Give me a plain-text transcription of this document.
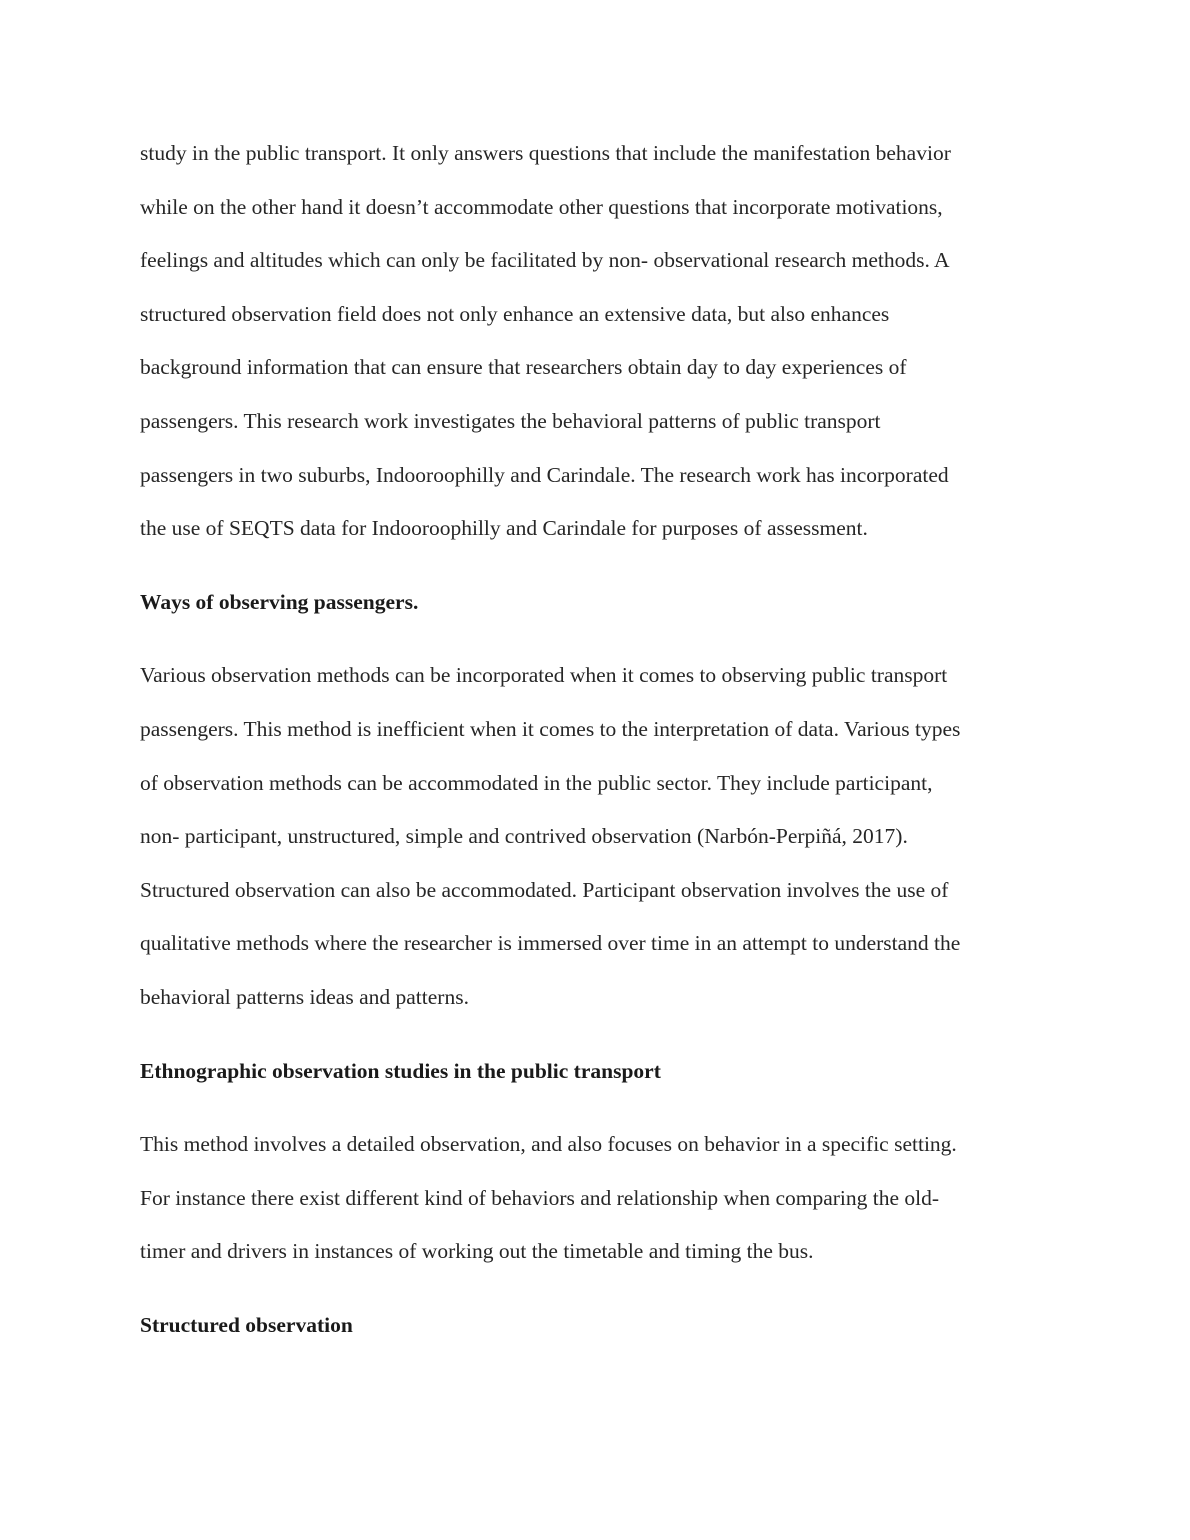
study in the public transport. It only answers questions that include the manifestation behavior
while on the other hand it doesn’t accommodate other questions that incorporate motivations,
feelings and altitudes which can only be facilitated by non- observational research methods. A
structured observation field does not only enhance an extensive data, but also enhances
background information that can ensure that researchers obtain day to day experiences of
passengers. This research work investigates the behavioral patterns of public transport
passengers in two suburbs, Indooroophilly and Carindale. The research work has incorporated
the use of SEQTS data for Indooroophilly and Carindale for purposes of assessment.
Ways of observing passengers.
Various observation methods can be incorporated when it comes to observing public transport
passengers. This method is inefficient when it comes to the interpretation of data. Various types
of observation methods can be accommodated in the public sector. They include participant,
non- participant, unstructured, simple and contrived observation (Narbón-Perpiñá, 2017).
Structured observation can also be accommodated. Participant observation involves the use of
qualitative methods where the researcher is immersed over time in an attempt to understand the
behavioral patterns ideas and patterns.
Ethnographic observation studies in the public transport
This method involves a detailed observation, and also focuses on behavior in a specific setting.
For instance there exist different kind of behaviors and relationship when comparing the old-
timer and drivers in instances of working out the timetable and timing the bus.
Structured observation
